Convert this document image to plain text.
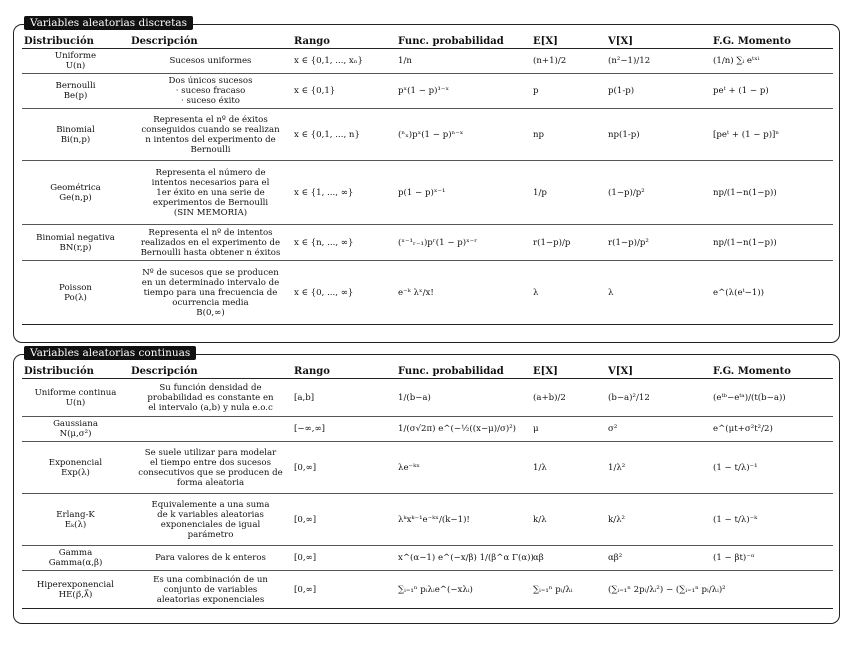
Variables aleatorias discretas
Distribución	Descripción	Rango	Func. probabilidad	E[X]	V[X]	F.G. Momento
Uniforme
U(n)	Sucesos uniformes	x ∈ {0,1, ..., xₙ}	1/n	(n+1)/2	(n²−1)/12	(1/n) ∑ᵢ eᵗˣⁱ
Bernoulli
Be(p)	Dos únicos sucesos
· suceso fracaso
· suceso éxito	x ∈ {0,1}	pˣ(1 − p)¹⁻ˣ	p	p(1-p)	peᵗ + (1 − p)
Binomial
Bi(n,p)	Representa el nº de éxitos
conseguidos cuando se realizan
n intentos del experimento de
Bernoulli	x ∈ {0,1, ..., n}	(ⁿₓ)pˣ(1 − p)ⁿ⁻ˣ	np	np(1-p)	[peᵗ + (1 − p)]ⁿ
Geométrica
Ge(n,p)	Representa el número de
intentos necesarios para el
1er éxito en una serie de
experimentos de Bernoulli
(SIN MEMORIA)	x ∈ {1, ..., ∞}	p(1 − p)ˣ⁻¹	1/p	(1−p)/p²	np/(1−n(1−p))
Binomial negativa
BN(r,p)	Representa el nº de intentos
realizados en el experimento de
Bernoulli hasta obtener n éxitos	x ∈ {n, ..., ∞}	(ˣ⁻¹ᵣ₋₁)pʳ(1 − p)ˣ⁻ʳ	r(1−p)/p	r(1−p)/p²	np/(1−n(1−p))
Poisson
Po(λ)	Nº de sucesos que se producen
en un determinado intervalo de
tiempo para una frecuencia de
ocurrencia media
B(0,∞)	x ∈ {0, ..., ∞}	e⁻ᵏ λˣ/x!	λ	λ	e^(λ(eᵗ−1))
Variables aleatorias continuas
Distribución	Descripción	Rango	Func. probabilidad	E[X]	V[X]	F.G. Momento
Uniforme continua
U(n)	Su función densidad de
probabilidad es constante en
el intervalo (a,b) y nula e.o.c	[a,b]	1/(b−a)	(a+b)/2	(b−a)²/12	(eᵗᵇ−eᵗᵃ)/(t(b−a))
Gaussiana
N(μ,σ²)		[−∞,∞]	1/(σ√2π) e^(−½((x−μ)/σ)²)	μ	σ²	e^(μt+σ²t²/2)
Exponencial
Exp(λ)	Se suele utilizar para modelar
el tiempo entre dos sucesos
consecutivos que se producen de
forma aleatoria	[0,∞]	λe⁻ᵏˣ	1/λ	1/λ²	(1 − t/λ)⁻¹
Erlang-K
Eₖ(λ)	Equivalemente a una suma
de k variables aleatorias
exponenciales de igual
parámetro	[0,∞]	λᵏxᵏ⁻¹e⁻ᵏˣ/(k−1)!	k/λ	k/λ²	(1 − t/λ)⁻ᵏ
Gamma
Gamma(α,β)	Para valores de k enteros	[0,∞]	x^(α−1) e^(−x/β) 1/(β^α Γ(α))	αβ	αβ²	(1 − βt)⁻ᵅ
Hiperexponencial
HE(p⃗,λ⃗)	Es una combinación de un
conjunto de variables
aleatorias exponenciales	[0,∞]	∑ᵢ₌₁ⁿ pᵢλᵢe^(−xλᵢ)	∑ᵢ₌₁ⁿ pᵢ/λᵢ	(∑ᵢ₌₁ⁿ 2pᵢ/λᵢ²) − (∑ᵢ₌₁ⁿ pᵢ/λᵢ)²	
